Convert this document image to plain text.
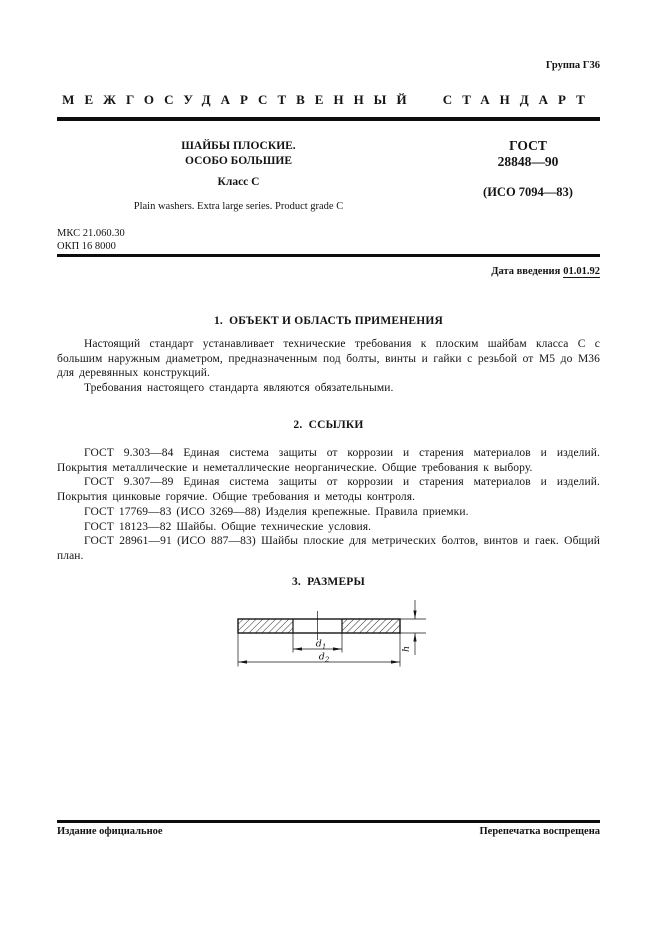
Группа Г36
МЕЖГОСУДАРСТВЕННЫЙ СТАНДАРТ
ШАЙБЫ ПЛОСКИЕ.
ОСОБО БОЛЬШИЕ
Класс С
Plain washers. Extra large series. Product grade C
ГОСТ
28848—90
(ИСО 7094—83)
МКС 21.060.30
ОКП 16 8000
Дата введения 01.01.92
1.  ОБЪЕКТ И ОБЛАСТЬ ПРИМЕНЕНИЯ

Настоящий стандарт устанавливает технические требования к плоским шайбам класса С с большим наружным диаметром, предназначенным под болты, винты и гайки с резьбой от М5 до М36 для деревянных конструкций.

Требования настоящего стандарта являются обязательными.

2.  ССЫЛКИ

ГОСТ 9.303—84 Единая система защиты от коррозии и старения материалов и изделий. Покрытия металлические и неметаллические неорганические. Общие требования к выбору.

ГОСТ 9.307—89 Единая система защиты от коррозии и старения материалов и изделий. Покрытия цинковые горячие. Общие требования и методы контроля.

ГОСТ 17769—83 (ИСО 3269—88) Изделия крепежные. Правила приемки.

ГОСТ 18123—82 Шайбы. Общие технические условия.

ГОСТ 28961—91 (ИСО 887—83) Шайбы плоские для метрических болтов, винтов и гаек. Общий план.

3.  РАЗМЕРЫ
$d_1$
$d_2$
h
Издание официальное	Перепечатка воспрещена
